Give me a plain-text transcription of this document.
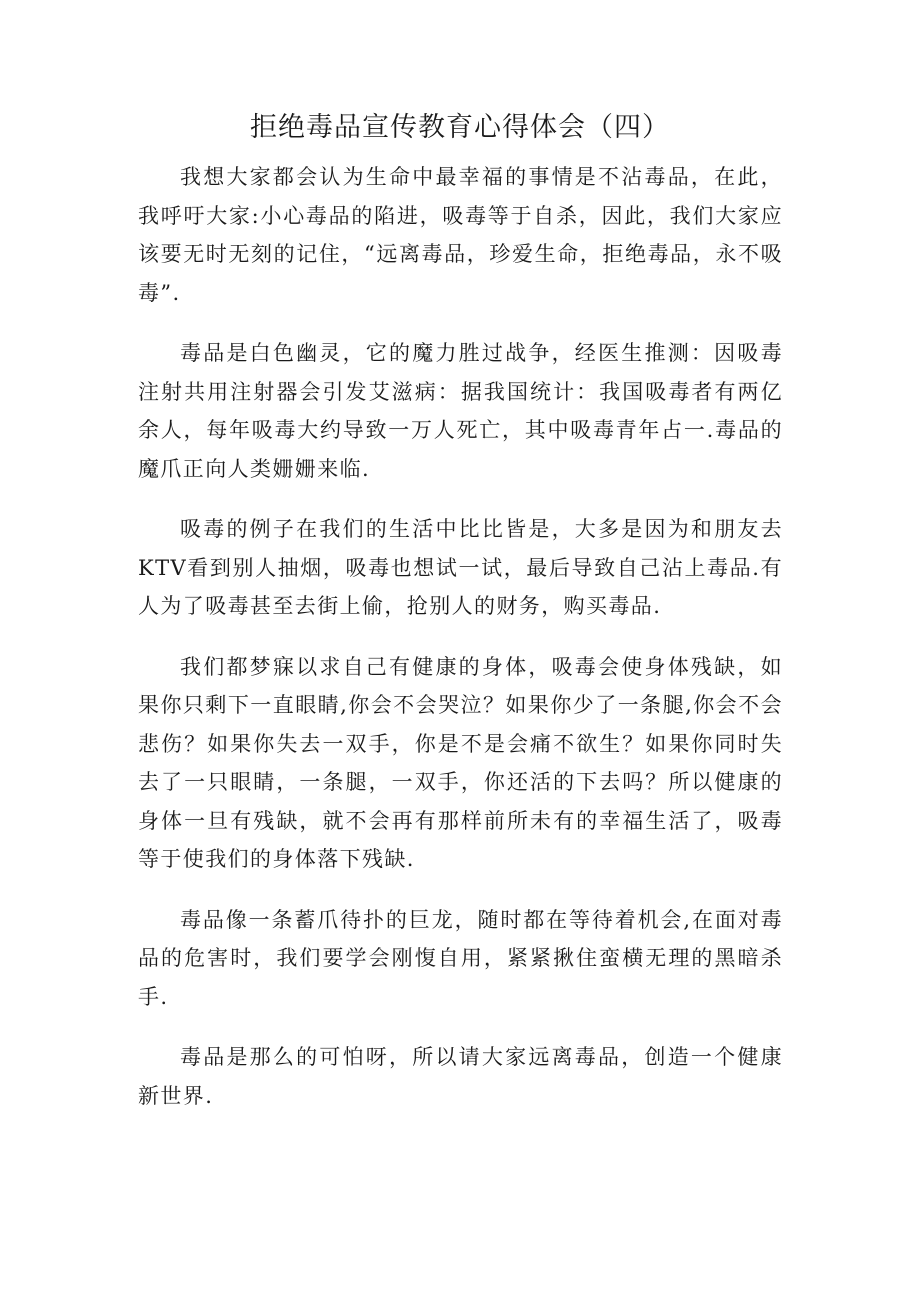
拒绝毒品宣传教育心得体会（四）

我想大家都会认为生命中最幸福的事情是不沾毒品，在此，我呼吁大家:小心毒品的陷进，吸毒等于自杀，因此，我们大家应该要无时无刻的记住，“远离毒品，珍爱生命，拒绝毒品，永不吸毒”.

毒品是白色幽灵，它的魔力胜过战争，经医生推测：因吸毒注射共用注射器会引发艾滋病：据我国统计：我国吸毒者有两亿余人，每年吸毒大约导致一万人死亡，其中吸毒青年占一.毒品的魔爪正向人类姗姗来临.

吸毒的例子在我们的生活中比比皆是，大多是因为和朋友去KTV看到别人抽烟，吸毒也想试一试，最后导致自己沾上毒品.有人为了吸毒甚至去街上偷，抢别人的财务，购买毒品.

我们都梦寐以求自己有健康的身体，吸毒会使身体残缺，如果你只剩下一直眼睛,你会不会哭泣？如果你少了一条腿,你会不会悲伤？如果你失去一双手，你是不是会痛不欲生？如果你同时失去了一只眼睛，一条腿，一双手，你还活的下去吗？所以健康的身体一旦有残缺，就不会再有那样前所未有的幸福生活了，吸毒等于使我们的身体落下残缺.

毒品像一条蓄爪待扑的巨龙，随时都在等待着机会,在面对毒品的危害时，我们要学会刚愎自用，紧紧揪住蛮横无理的黑暗杀手.

毒品是那么的可怕呀，所以请大家远离毒品，创造一个健康新世界.
